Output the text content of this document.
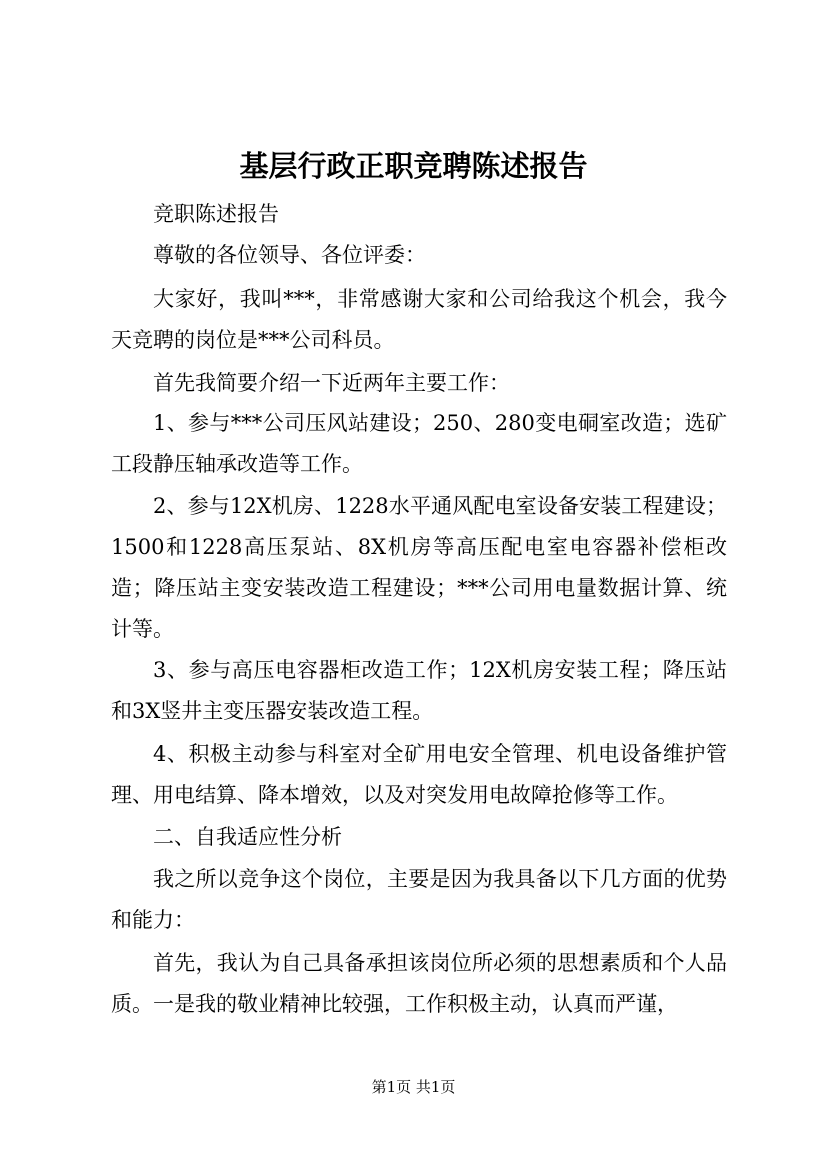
基层行政正职竞聘陈述报告

竞职陈述报告

尊敬的各位领导、各位评委：

大家好，我叫***，非常感谢大家和公司给我这个机会，我今天竞聘的岗位是***公司科员。

首先我简要介绍一下近两年主要工作：

1、参与***公司压风站建设；250、280变电硐室改造；选矿工段静压轴承改造等工作。

2、参与12X机房、1228水平通风配电室设备安装工程建设；1500和1228高压泵站、8X机房等高压配电室电容器补偿柜改造；降压站主变安装改造工程建设；***公司用电量数据计算、统计等。

3、参与高压电容器柜改造工作；12X机房安装工程；降压站和3X竖井主变压器安装改造工程。

4、积极主动参与科室对全矿用电安全管理、机电设备维护管理、用电结算、降本增效，以及对突发用电故障抢修等工作。

二、自我适应性分析

我之所以竞争这个岗位，主要是因为我具备以下几方面的优势和能力：

首先，我认为自己具备承担该岗位所必须的思想素质和个人品质。一是我的敬业精神比较强，工作积极主动，认真而严谨，

第1页 共1页
